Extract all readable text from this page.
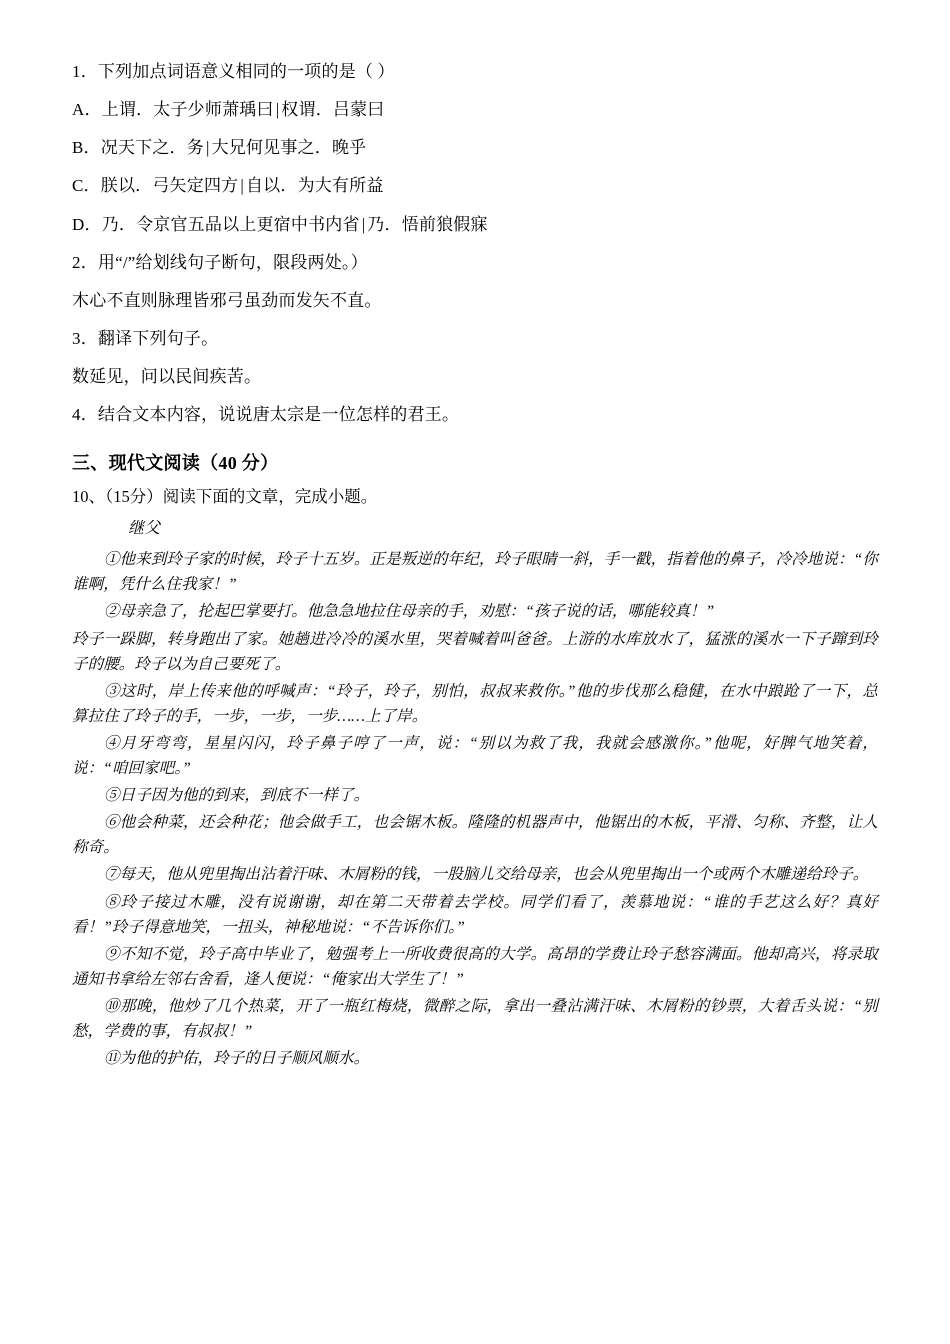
1．下列加点词语意义相同的一项的是（ ）
A．上谓．太子少师萧瑀曰 | 权谓．吕蒙曰
B．况天下之．务 | 大兄何见事之．晚乎
C．朕以．弓矢定四方 | 自以．为大有所益
D．乃．令京官五品以上更宿中书内省 | 乃．悟前狼假寐
2．用“/”给划线句子断句，限段两处。）
木心不直则脉理皆邪弓虽劲而发矢不直。
3．翻译下列句子。
数延见，问以民间疾苦。
4．结合文本内容，说说唐太宗是一位怎样的君王。
三、现代文阅读（40 分）
10、（15分）阅读下面的文章，完成小题。
继父
①他来到玲子家的时候，玲子十五岁。正是叛逆的年纪，玲子眼睛一斜，手一戳，指着他的鼻子，冷冷地说：“你谁啊，凭什么住我家！”
②母亲急了，抡起巴掌要打。他急急地拉住母亲的手，劝慰：“孩子说的话，哪能较真！”
玲子一跺脚，转身跑出了家。她趟进冷冷的溪水里，哭着喊着叫爸爸。上游的水库放水了，猛涨的溪水一下子蹿到玲子的腰。玲子以为自己要死了。
③这时，岸上传来他的呼喊声：“玲子，玲子，别怕，叔叔来救你。”他的步伐那么稳健，在水中踉跄了一下，总算拉住了玲子的手，一步，一步，一步……上了岸。
④月牙弯弯，星星闪闪，玲子鼻子哼了一声，说：“别以为救了我，我就会感激你。”他呢，好脾气地笑着，说：“咱回家吧。”
⑤日子因为他的到来，到底不一样了。
⑥他会种菜，还会种花；他会做手工，也会锯木板。隆隆的机器声中，他锯出的木板，平滑、匀称、齐整，让人称奇。
⑦每天，他从兜里掏出沾着汗味、木屑粉的钱，一股脑儿交给母亲，也会从兜里掏出一个或两个木雕递给玲子。
⑧玲子接过木雕，没有说谢谢，却在第二天带着去学校。同学们看了，羡慕地说：“谁的手艺这么好？真好看！”玲子得意地笑，一扭头，神秘地说：“不告诉你们。”
⑨不知不觉，玲子高中毕业了，勉强考上一所收费很高的大学。高昂的学费让玲子愁容满面。他却高兴，将录取通知书拿给左邻右舍看，逢人便说：“俺家出大学生了！”
⑩那晚，他炒了几个热菜，开了一瓶红梅烧，微醉之际，拿出一叠沾满汗味、木屑粉的钞票，大着舌头说：“别愁，学费的事，有叔叔！”
⑪为他的护佑，玲子的日子顺风顺水。
